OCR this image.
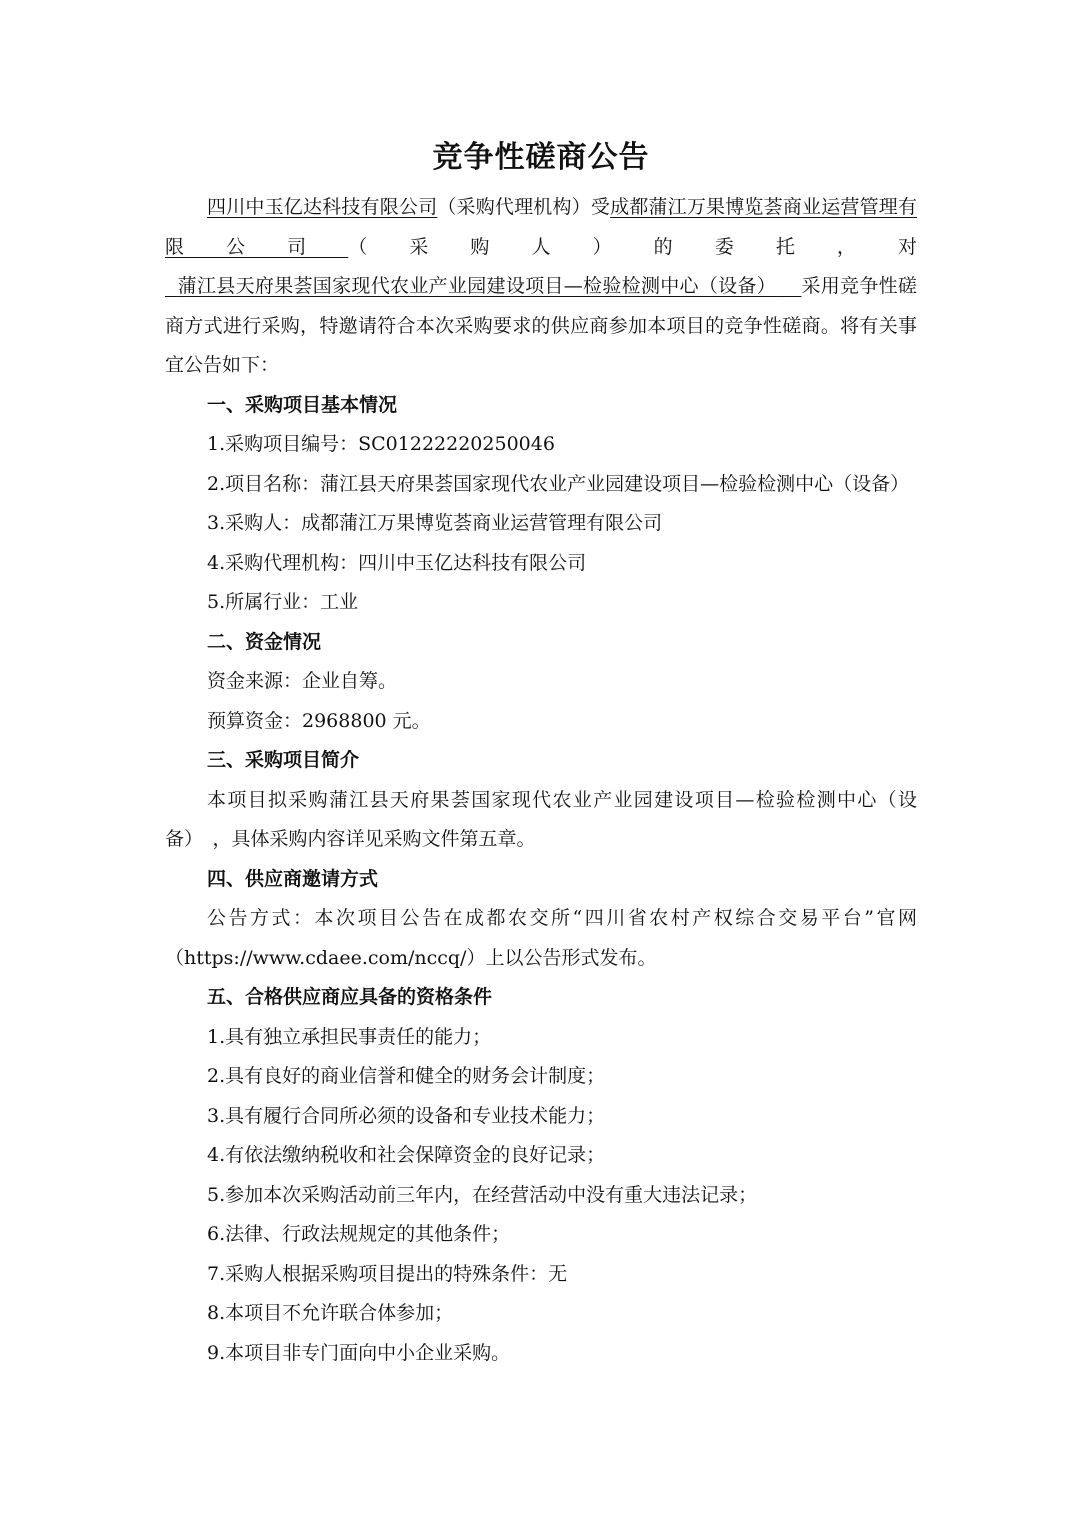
竞争性磋商公告

四川中玉亿达科技有限公司（采购代理机构）受成都蒲江万果博览荟商业运营管理有限公司（采购人）的委托，对  蒲江县天府果荟国家现代农业产业园建设项目—检验检测中心（设备） 采用竞争性磋商方式进行采购，特邀请符合本次采购要求的供应商参加本项目的竞争性磋商。将有关事宜公告如下：

一、采购项目基本情况

1.采购项目编号：SC01222220250046

2.项目名称：蒲江县天府果荟国家现代农业产业园建设项目—检验检测中心（设备）

3.采购人：成都蒲江万果博览荟商业运营管理有限公司

4.采购代理机构：四川中玉亿达科技有限公司

5.所属行业：工业

二、资金情况

资金来源：企业自筹。

预算资金：2968800 元。

三、采购项目简介

本项目拟采购蒲江县天府果荟国家现代农业产业园建设项目—检验检测中心（设备）　，具体采购内容详见采购文件第五章。

四、供应商邀请方式

公告方式：本次项目公告在成都农交所“四川省农村产权综合交易平台”官网（https://www.cdaee.com/nccq/）上以公告形式发布。

五、合格供应商应具备的资格条件

1.具有独立承担民事责任的能力；

2.具有良好的商业信誉和健全的财务会计制度；

3.具有履行合同所必须的设备和专业技术能力；

4.有依法缴纳税收和社会保障资金的良好记录；

5.参加本次采购活动前三年内，在经营活动中没有重大违法记录；

6.法律、行政法规规定的其他条件；

7.采购人根据采购项目提出的特殊条件：无

8.本项目不允许联合体参加；

9.本项目非专门面向中小企业采购。
